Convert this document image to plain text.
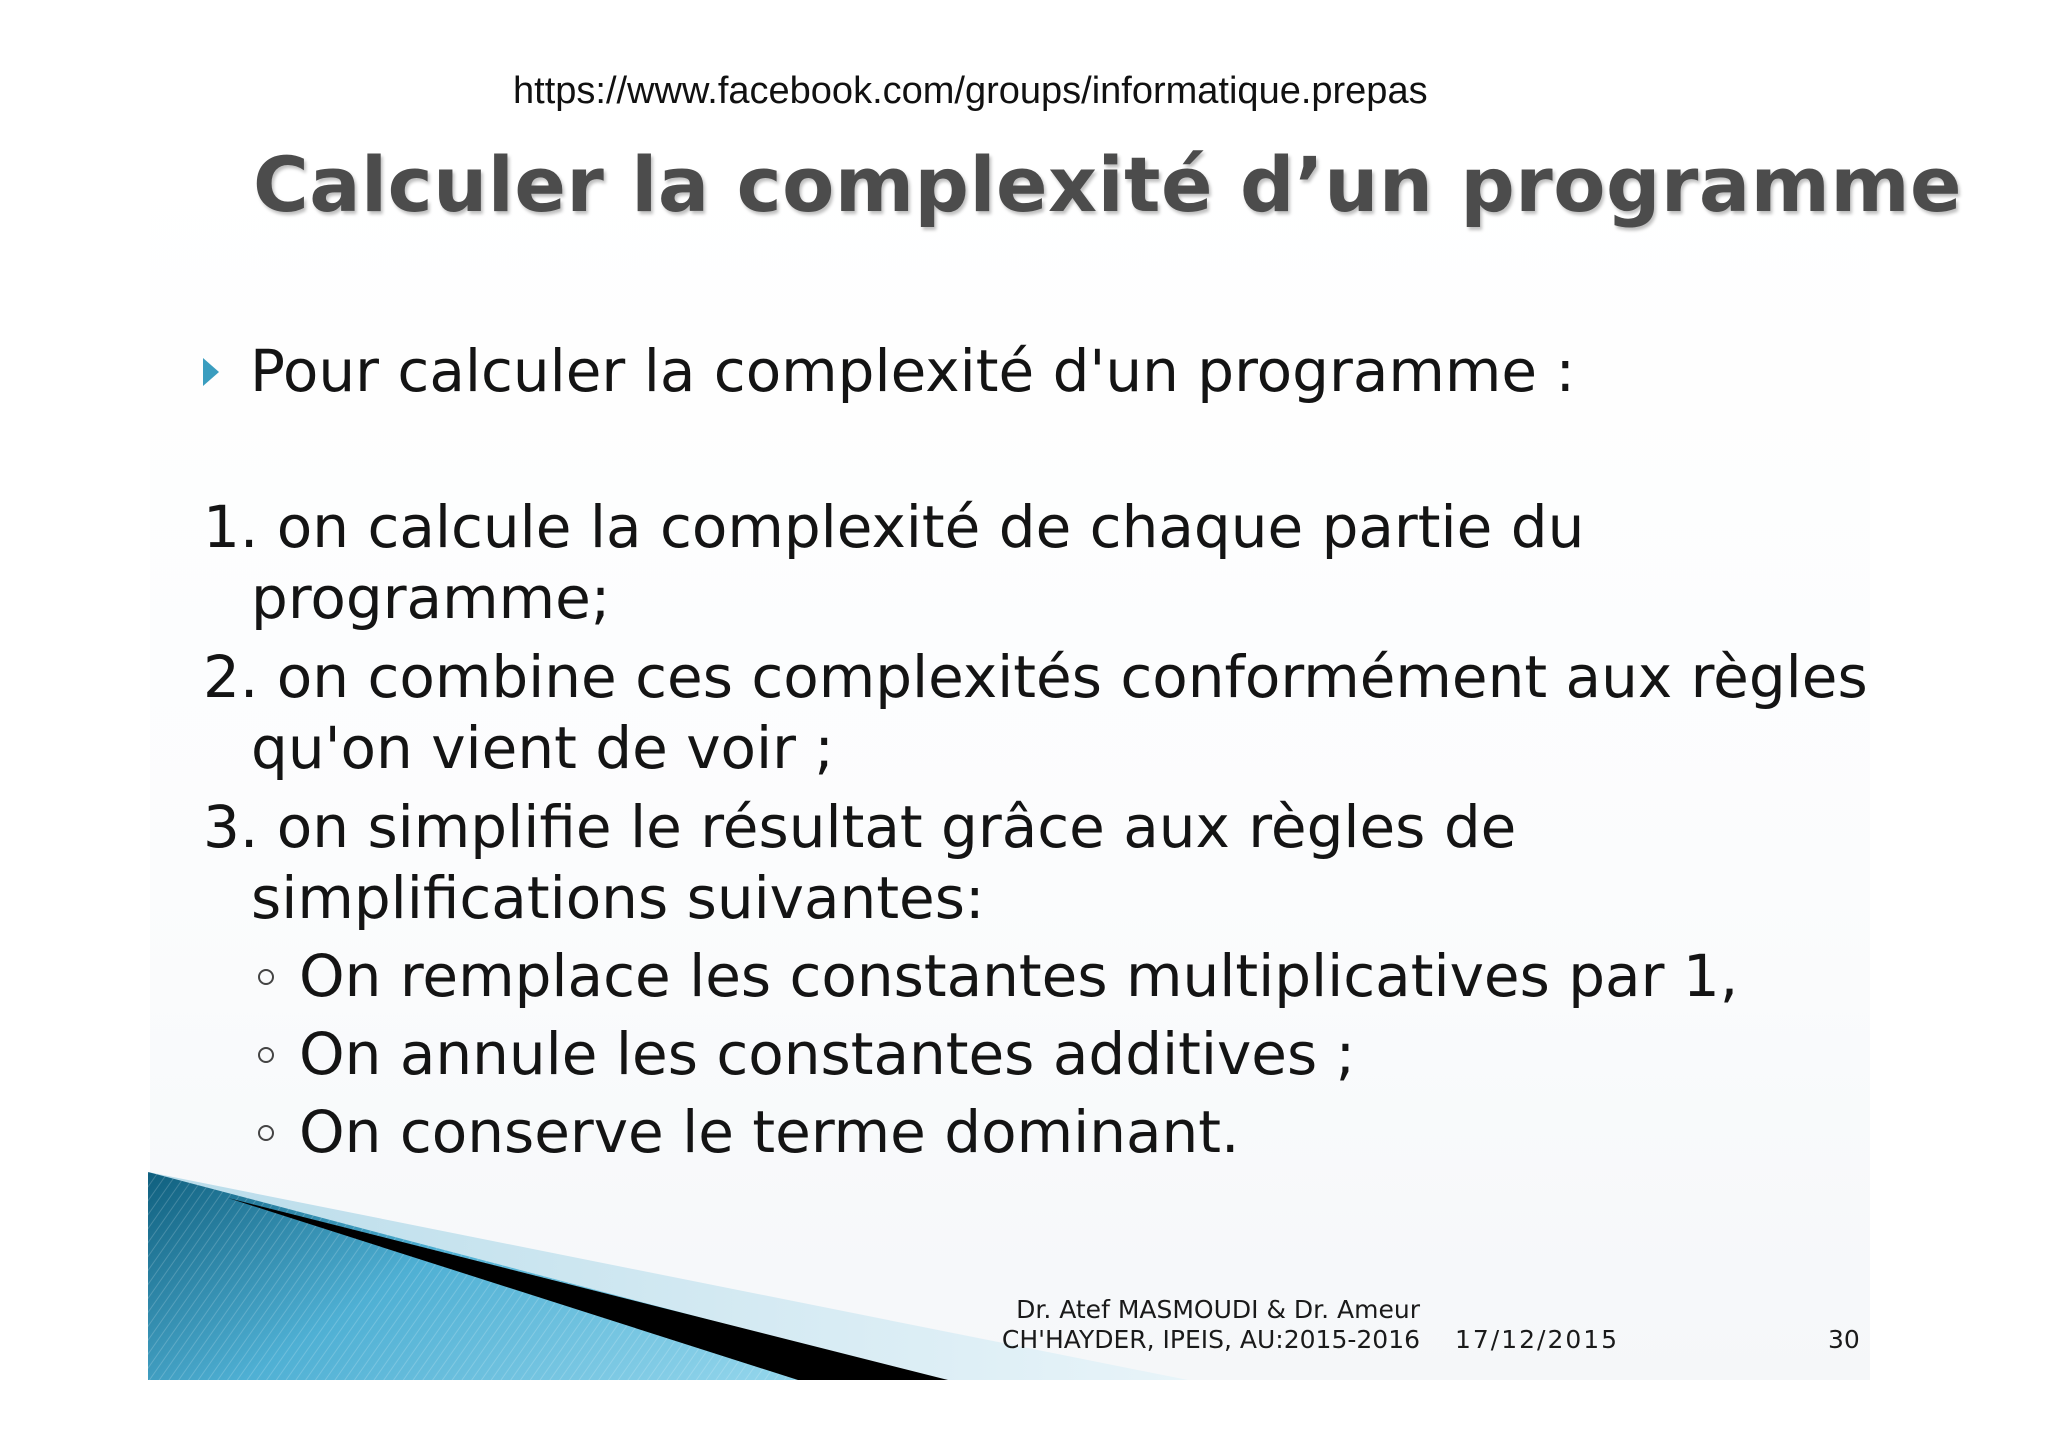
https://www.facebook.com/groups/informatique.prepas
Calculer la complexité d’un programme
Pour calculer la complexité d'un programme :
1. on calcule la complexité de chaque partie du
programme;
2. on combine ces complexités conformément aux règles
qu'on vient de voir ;
3. on simplifie le résultat grâce aux règles de
simplifications suivantes:
On remplace les constantes multiplicatives par 1,
On annule les constantes additives ;
On conserve le terme dominant.
Dr. Atef MASMOUDI & Dr. Ameur
CH'HAYDER, IPEIS, AU:2015-2016 17/12/2015	30
